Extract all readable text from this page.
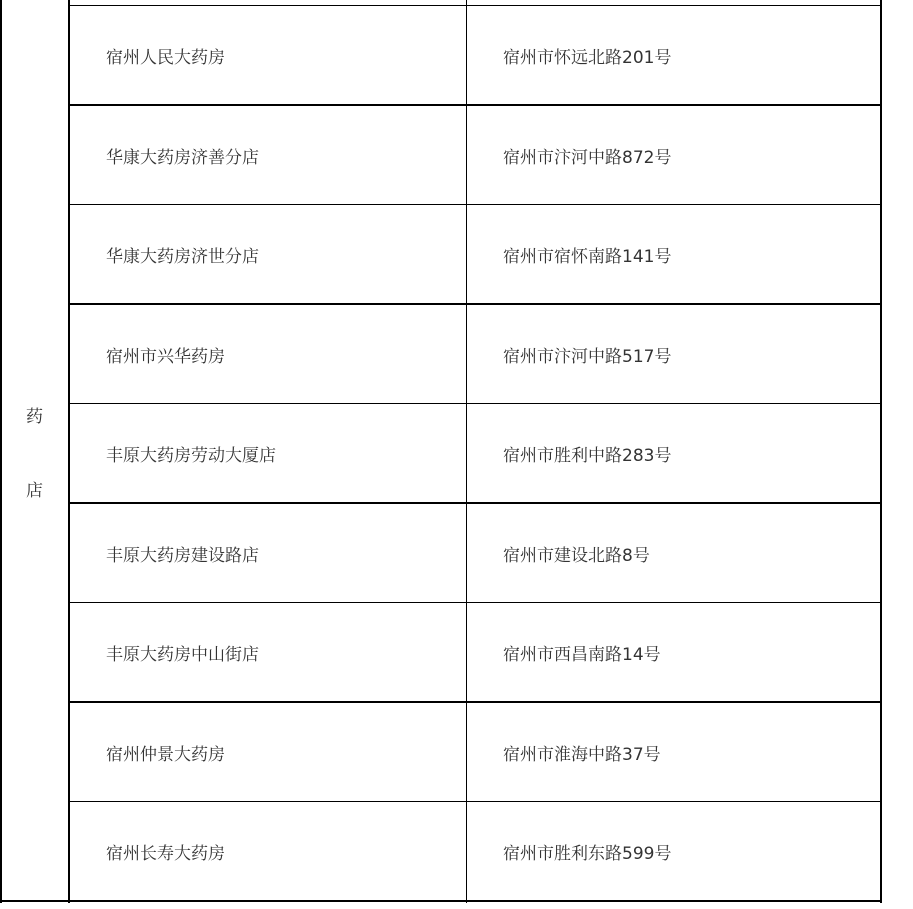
药
店
宿州人民大药房	宿州市怀远北路201号
华康大药房济善分店	宿州市汴河中路872号
华康大药房济世分店	宿州市宿怀南路141号
宿州市兴华药房	宿州市汴河中路517号
丰原大药房劳动大厦店	宿州市胜利中路283号
丰原大药房建设路店	宿州市建设北路8号
丰原大药房中山街店	宿州市西昌南路14号
宿州仲景大药房	宿州市淮海中路37号
宿州长寿大药房	宿州市胜利东路599号
